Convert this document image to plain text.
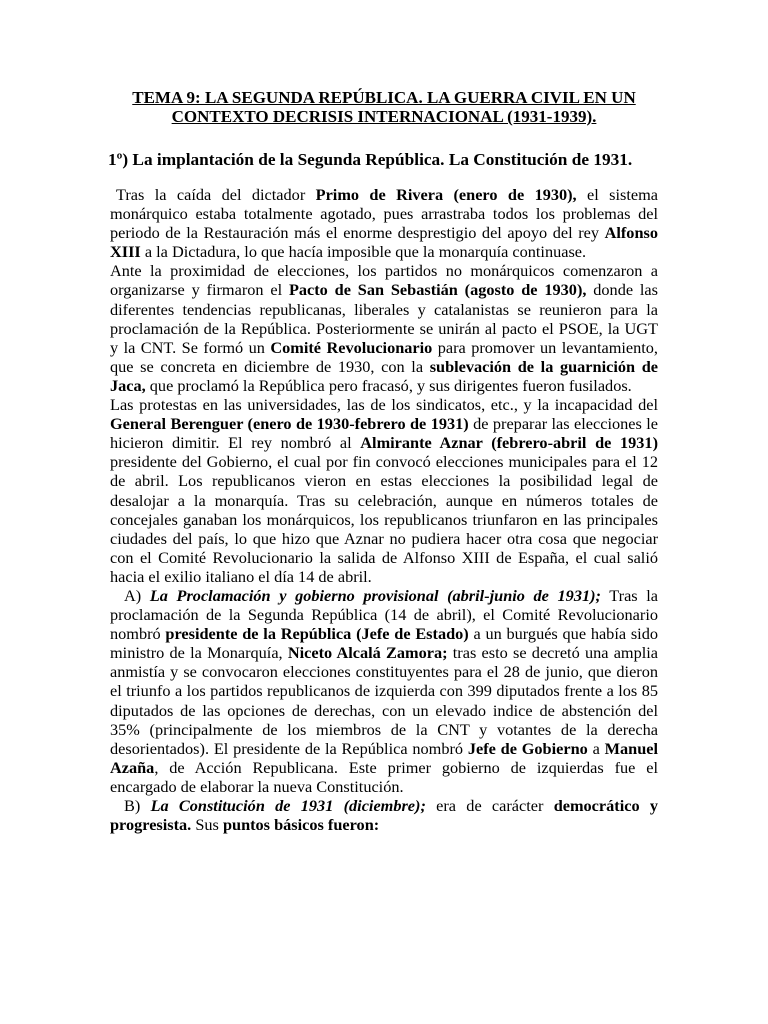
TEMA 9: LA SEGUNDA REPÚBLICA. LA GUERRA CIVIL EN UN CONTEXTO DECRISIS INTERNACIONAL (1931-1939).
1º) La implantación de la Segunda República. La Constitución de 1931.

Tras la caída del dictador Primo de Rivera (enero de 1930), el sistema monárquico estaba totalmente agotado, pues arrastraba todos los problemas del periodo de la Restauración más el enorme desprestigio del apoyo del rey Alfonso XIII a la Dictadura, lo que hacía imposible que la monarquía continuase.

Ante la proximidad de elecciones, los partidos no monárquicos comenzaron a organizarse y firmaron el Pacto de San Sebastián (agosto de 1930), donde las diferentes tendencias republicanas, liberales y catalanistas se reunieron para la proclamación de la República. Posteriormente se unirán al pacto el PSOE, la UGT y la CNT. Se formó un Comité Revolucionario para promover un levantamiento, que se concreta en diciembre de 1930, con la sublevación de la guarnición de Jaca, que proclamó la República pero fracasó, y sus dirigentes fueron fusilados.

Las protestas en las universidades, las de los sindicatos, etc., y la incapacidad del General Berenguer (enero de 1930-febrero de 1931) de preparar las elecciones le hicieron dimitir. El rey nombró al Almirante Aznar (febrero-abril de 1931) presidente del Gobierno, el cual por fin convocó elecciones municipales para el 12 de abril. Los republicanos vieron en estas elecciones la posibilidad legal de desalojar a la monarquía. Tras su celebración, aunque en números totales de concejales ganaban los monárquicos, los republicanos triunfaron en las principales ciudades del país, lo que hizo que Aznar no pudiera hacer otra cosa que negociar con el Comité Revolucionario la salida de Alfonso XIII de España, el cual salió hacia el exilio italiano el día 14 de abril.

A) La Proclamación y gobierno provisional (abril-junio de 1931); Tras la proclamación de la Segunda República (14 de abril), el Comité Revolucionario nombró presidente de la República (Jefe de Estado) a un burgués que había sido ministro de la Monarquía, Niceto Alcalá Zamora; tras esto se decretó una amplia anmistía y se convocaron elecciones constituyentes para el 28 de junio, que dieron el triunfo a los partidos republicanos de izquierda con 399 diputados frente a los 85 diputados de las opciones de derechas, con un elevado indice de abstención del 35% (principalmente de los miembros de la CNT y votantes de la derecha desorientados). El presidente de la República nombró Jefe de Gobierno a Manuel Azaña, de Acción Republicana. Este primer gobierno de izquierdas fue el encargado de elaborar la nueva Constitución.

B) La Constitución de 1931 (diciembre); era de carácter democrático y progresista. Sus puntos básicos fueron:
